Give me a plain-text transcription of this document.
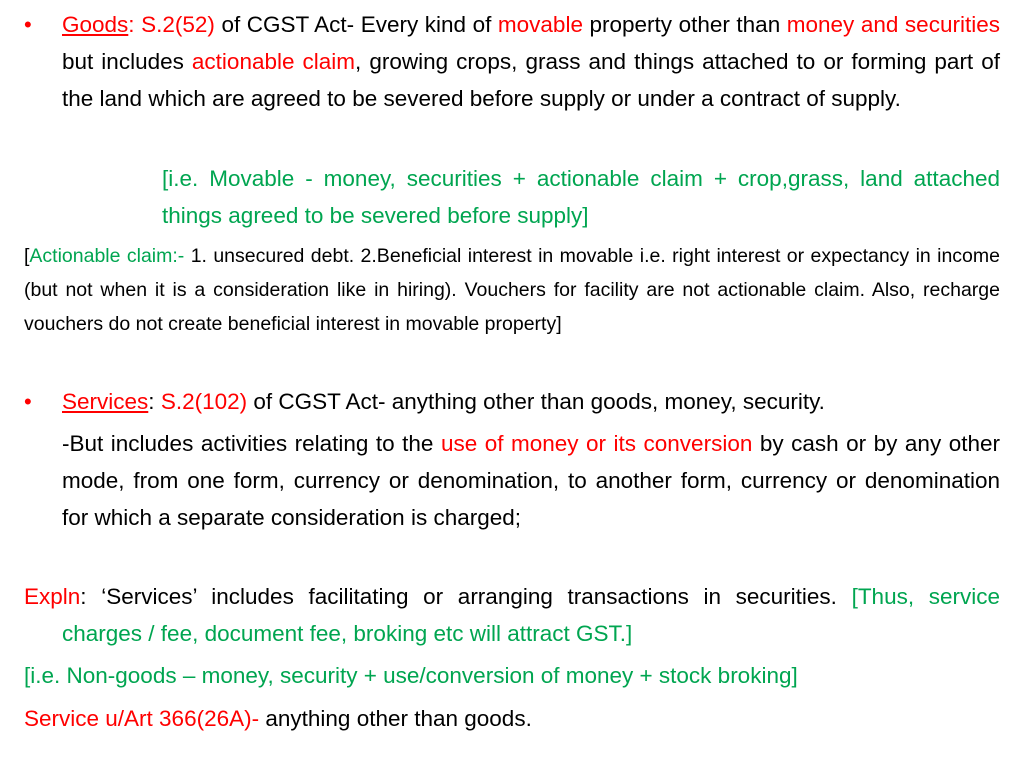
• Goods: S.2(52) of CGST Act- Every kind of movable property other than money and securities but includes actionable claim, growing crops, grass and things attached to or forming part of the land which are agreed to be severed before supply or under a contract of supply.
[i.e. Movable - money, securities + actionable claim + crop,grass, land attached things agreed to be severed before supply]
[Actionable claim:- 1. unsecured debt. 2.Beneficial interest in movable i.e. right interest or expectancy in income (but not when it is a consideration like in hiring). Vouchers for facility are not actionable claim. Also, recharge vouchers do not create beneficial interest in movable property]
• Services: S.2(102) of CGST Act- anything other than goods, money, security.
-But includes activities relating to the use of money or its conversion by cash or by any other mode, from one form, currency or denomination, to another form, currency or denomination for which a separate consideration is charged;
Expln: ‘Services’ includes facilitating or arranging transactions in securities. [Thus, service charges / fee, document fee, broking etc will attract GST.]
[i.e. Non-goods – money, security + use/conversion of money + stock broking]
Service u/Art 366(26A)- anything other than goods.
